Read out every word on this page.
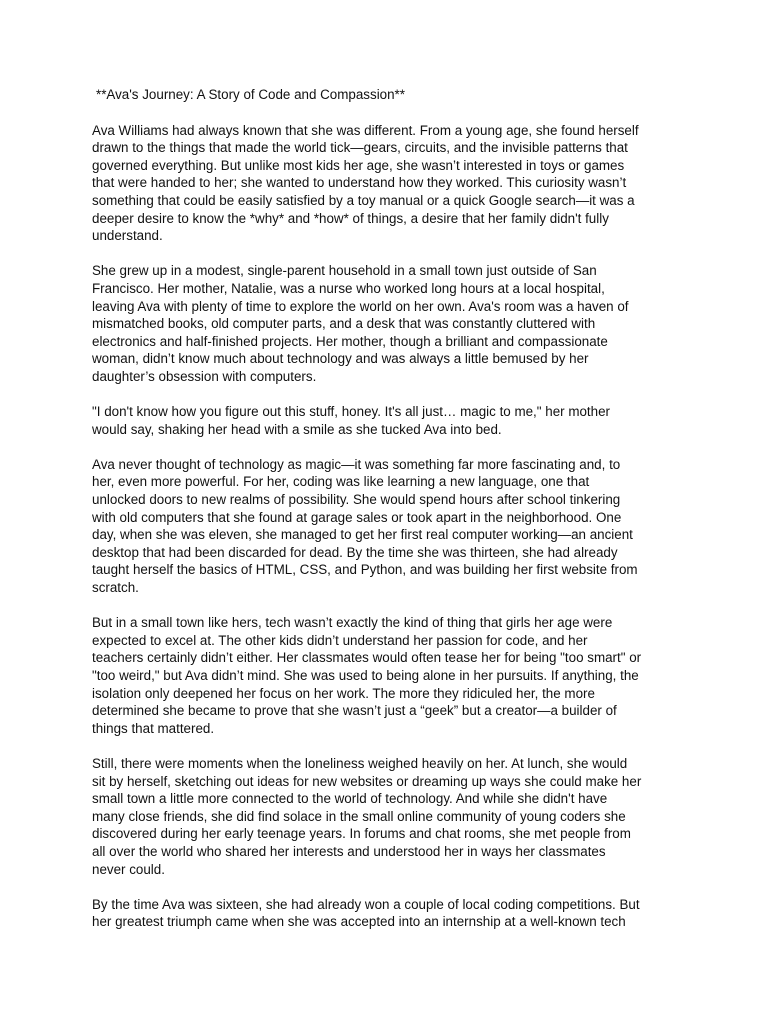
**Ava's Journey: A Story of Code and Compassion**
Ava Williams had always known that she was different. From a young age, she found herself
drawn to the things that made the world tick—gears, circuits, and the invisible patterns that
governed everything. But unlike most kids her age, she wasn’t interested in toys or games
that were handed to her; she wanted to understand how they worked. This curiosity wasn’t
something that could be easily satisfied by a toy manual or a quick Google search—it was a
deeper desire to know the *why* and *how* of things, a desire that her family didn't fully
understand.
She grew up in a modest, single-parent household in a small town just outside of San
Francisco. Her mother, Natalie, was a nurse who worked long hours at a local hospital,
leaving Ava with plenty of time to explore the world on her own. Ava's room was a haven of
mismatched books, old computer parts, and a desk that was constantly cluttered with
electronics and half-finished projects. Her mother, though a brilliant and compassionate
woman, didn’t know much about technology and was always a little bemused by her
daughter’s obsession with computers.
"I don't know how you figure out this stuff, honey. It's all just… magic to me," her mother
would say, shaking her head with a smile as she tucked Ava into bed.
Ava never thought of technology as magic—it was something far more fascinating and, to
her, even more powerful. For her, coding was like learning a new language, one that
unlocked doors to new realms of possibility. She would spend hours after school tinkering
with old computers that she found at garage sales or took apart in the neighborhood. One
day, when she was eleven, she managed to get her first real computer working—an ancient
desktop that had been discarded for dead. By the time she was thirteen, she had already
taught herself the basics of HTML, CSS, and Python, and was building her first website from
scratch.
But in a small town like hers, tech wasn’t exactly the kind of thing that girls her age were
expected to excel at. The other kids didn’t understand her passion for code, and her
teachers certainly didn’t either. Her classmates would often tease her for being "too smart" or
"too weird," but Ava didn’t mind. She was used to being alone in her pursuits. If anything, the
isolation only deepened her focus on her work. The more they ridiculed her, the more
determined she became to prove that she wasn’t just a “geek” but a creator—a builder of
things that mattered.
Still, there were moments when the loneliness weighed heavily on her. At lunch, she would
sit by herself, sketching out ideas for new websites or dreaming up ways she could make her
small town a little more connected to the world of technology. And while she didn't have
many close friends, she did find solace in the small online community of young coders she
discovered during her early teenage years. In forums and chat rooms, she met people from
all over the world who shared her interests and understood her in ways her classmates
never could.
By the time Ava was sixteen, she had already won a couple of local coding competitions. But
her greatest triumph came when she was accepted into an internship at a well-known tech
